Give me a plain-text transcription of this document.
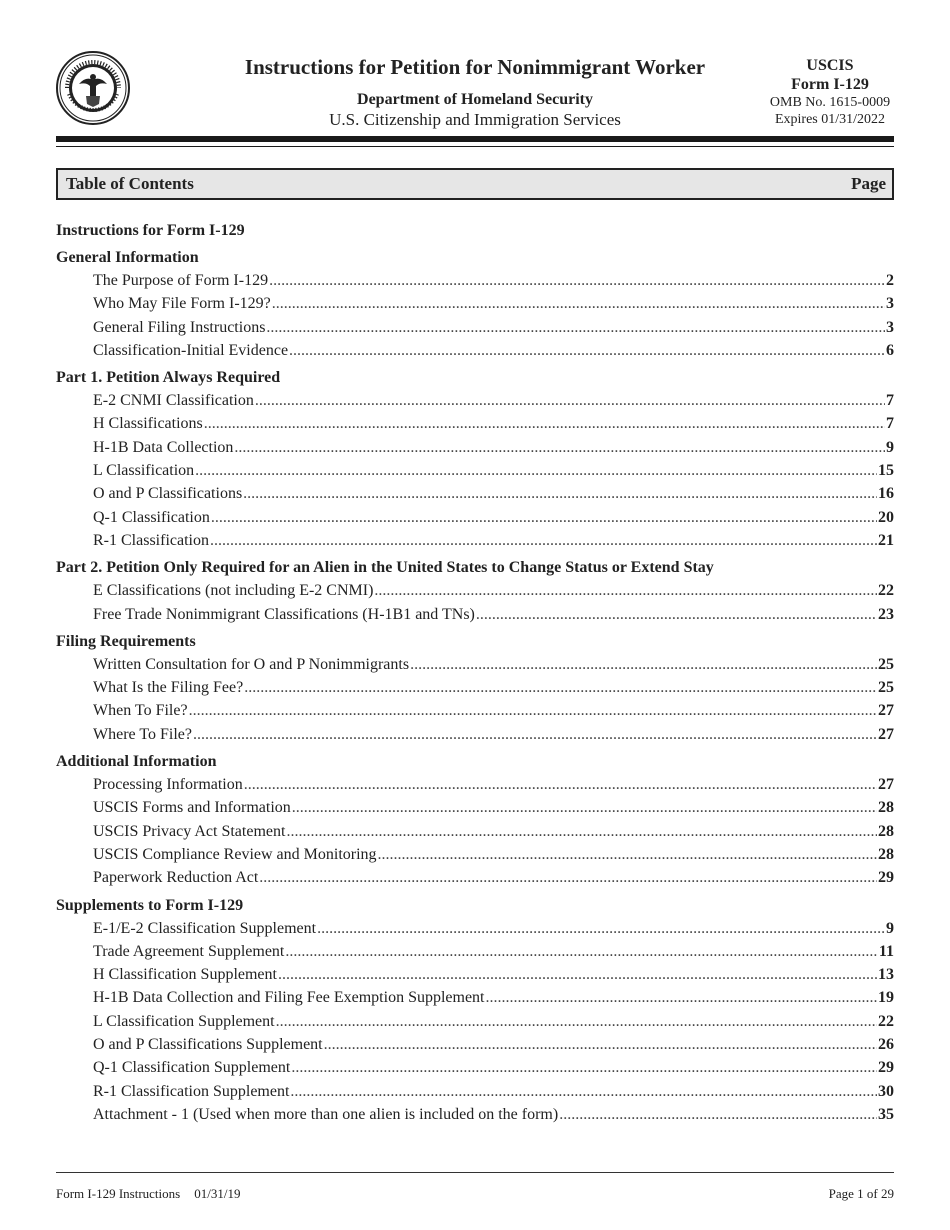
Instructions for Petition for Nonimmigrant Worker
Department of Homeland Security
U.S. Citizenship and Immigration Services
USCIS
Form I-129
OMB No. 1615-0009
Expires 01/31/2022
Table of Contents	Page
Instructions for Form I-129
General Information
The Purpose of Form I-129 .....	2
Who May File Form I-129? .....	3
General Filing Instructions .....	3
Classification-Initial Evidence .....	6
Part 1. Petition Always Required
E-2 CNMI Classification .....	7
H Classifications .....	7
H-1B Data Collection .....	9
L Classification .....	15
O and P Classifications .....	16
Q-1 Classification .....	20
R-1 Classification .....	21
Part 2. Petition Only Required for an Alien in the United States to Change Status or Extend Stay
E Classifications (not including E-2 CNMI) .....	22
Free Trade Nonimmigrant Classifications (H-1B1 and TNs) .....	23
Filing Requirements
Written Consultation for O and P Nonimmigrants .....	25
What Is the Filing Fee? .....	25
When To File? .....	27
Where To File? .....	27
Additional Information
Processing Information .....	27
USCIS Forms and Information .....	28
USCIS Privacy Act Statement .....	28
USCIS Compliance Review and Monitoring .....	28
Paperwork Reduction Act .....	29
Supplements to Form I-129
E-1/E-2 Classification Supplement .....	9
Trade Agreement Supplement .....	11
H Classification Supplement .....	13
H-1B Data Collection and Filing Fee Exemption Supplement .....	19
L Classification Supplement .....	22
O and P Classifications Supplement .....	26
Q-1 Classification Supplement .....	29
R-1 Classification Supplement .....	30
Attachment - 1 (Used when more than one alien is included on the form) .....	35
Form I-129 Instructions 01/31/19	Page 1 of 29
